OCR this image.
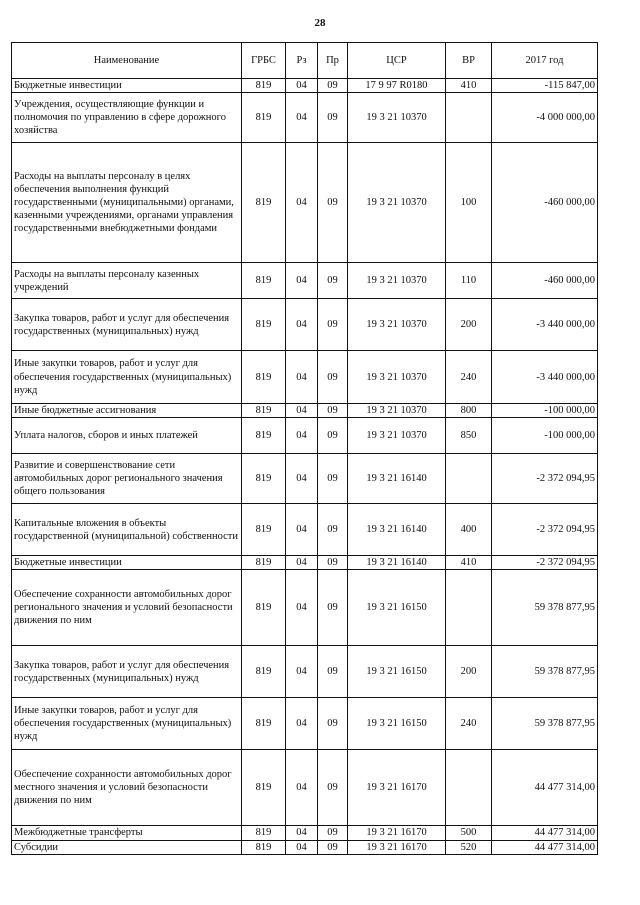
28
Наименование	ГРБС	Рз	Пр	ЦСР	ВР	2017 год
Бюджетные инвестиции	819	04	09	17 9 97 R0180	410	-115 847,00
Учреждения, осуществляющие функции и полномочия по управлению в сфере дорожного хозяйства	819	04	09	19 3 21 10370		-4 000 000,00
Расходы на выплаты персоналу в целях обеспечения выполнения функций государственными (муниципальными) органами, казенными учреждениями, органами управления государственными внебюджетными фондами	819	04	09	19 3 21 10370	100	-460 000,00
Расходы на выплаты персоналу казенных учреждений	819	04	09	19 3 21 10370	110	-460 000,00
Закупка товаров, работ и услуг для обеспечения государственных (муниципальных) нужд	819	04	09	19 3 21 10370	200	-3 440 000,00
Иные закупки товаров, работ и услуг для обеспечения государственных (муниципальных) нужд	819	04	09	19 3 21 10370	240	-3 440 000,00
Иные бюджетные ассигнования	819	04	09	19 3 21 10370	800	-100 000,00
Уплата налогов, сборов и иных платежей	819	04	09	19 3 21 10370	850	-100 000,00
Развитие и совершенствование сети автомобильных дорог регионального значения общего пользования	819	04	09	19 3 21 16140		-2 372 094,95
Капитальные вложения в объекты государственной (муниципальной) собственности	819	04	09	19 3 21 16140	400	-2 372 094,95
Бюджетные инвестиции	819	04	09	19 3 21 16140	410	-2 372 094,95
Обеспечение сохранности автомобильных дорог регионального значения и условий безопасности движения по ним	819	04	09	19 3 21 16150		59 378 877,95
Закупка товаров, работ и услуг для обеспечения государственных (муниципальных) нужд	819	04	09	19 3 21 16150	200	59 378 877,95
Иные закупки товаров, работ и услуг для обеспечения государственных (муниципальных) нужд	819	04	09	19 3 21 16150	240	59 378 877,95
Обеспечение сохранности автомобильных дорог местного значения и условий безопасности движения по ним	819	04	09	19 3 21 16170		44 477 314,00
Межбюджетные трансферты	819	04	09	19 3 21 16170	500	44 477 314,00
Субсидии	819	04	09	19 3 21 16170	520	44 477 314,00
